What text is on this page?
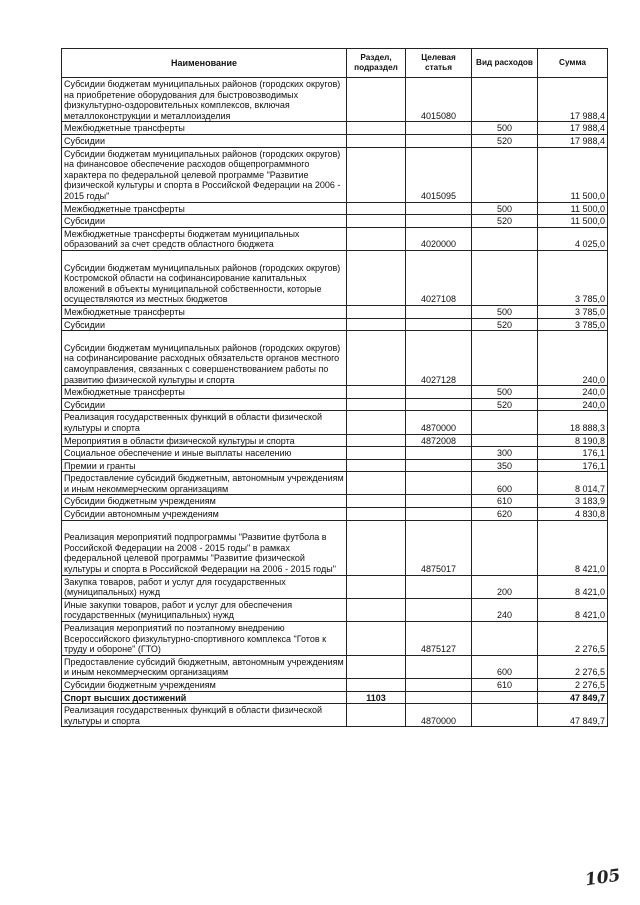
Наименование	Раздел, подраздел	Целевая статья	Вид расходов	Сумма
Субсидии бюджетам муниципальных районов (городских округов) на приобретение оборудования для быстровозводимых физкультурно-оздоровительных комплексов, включая металлоконструкции и металлоизделия		4015080		17 988,4
Межбюджетные трансферты			500	17 988,4
Субсидии			520	17 988,4
Субсидии бюджетам муниципальных районов (городских округов) на финансовое обеспечение расходов общепрограммного характера по федеральной целевой программе "Развитие физической культуры и спорта в Российской Федерации на 2006 - 2015 годы"		4015095		11 500,0
Межбюджетные трансферты			500	11 500,0
Субсидии			520	11 500,0
Межбюджетные трансферты бюджетам муниципальных образований за счет средств областного бюджета		4020000		4 025,0
Субсидии бюджетам муниципальных районов (городских округов) Костромской области на софинансирование капитальных вложений в объекты муниципальной собственности, которые осуществляются из местных бюджетов		4027108		3 785,0
Межбюджетные трансферты			500	3 785,0
Субсидии			520	3 785,0
Субсидии бюджетам муниципальных районов (городских округов) на софинансирование расходных обязательств органов местного самоуправления, связанных с совершенствованием работы по развитию физической культуры и спорта		4027128		240,0
Межбюджетные трансферты			500	240,0
Субсидии			520	240,0
Реализация государственных функций в области физической культуры и спорта		4870000		18 888,3
Мероприятия в области физической культуры и спорта		4872008		8 190,8
Социальное обеспечение и иные выплаты населению			300	176,1
Премии и гранты			350	176,1
Предоставление субсидий бюджетным, автономным учреждениям и иным некоммерческим организациям			600	8 014,7
Субсидии бюджетным учреждениям			610	3 183,9
Субсидии автономным учреждениям			620	4 830,8
Реализация мероприятий подпрограммы "Развитие футбола в Российской Федерации на 2008 - 2015 годы" в рамках федеральной целевой программы "Развитие физической культуры и спорта в Российской Федерации на 2006 - 2015 годы"		4875017		8 421,0
Закупка товаров, работ и услуг для государственных (муниципальных) нужд			200	8 421,0
Иные закупки товаров, работ и услуг для обеспечения государственных (муниципальных) нужд			240	8 421,0
Реализация мероприятий по поэтапному внедрению Всероссийского физкультурно-спортивного комплекса "Готов к труду и обороне" (ГТО)		4875127		2 276,5
Предоставление субсидий бюджетным, автономным учреждениям и иным некоммерческим организациям			600	2 276,5
Субсидии бюджетным учреждениям			610	2 276,5
Спорт высших достижений	1103			47 849,7
Реализация государственных функций в области физической культуры и спорта		4870000		47 849,7
105
